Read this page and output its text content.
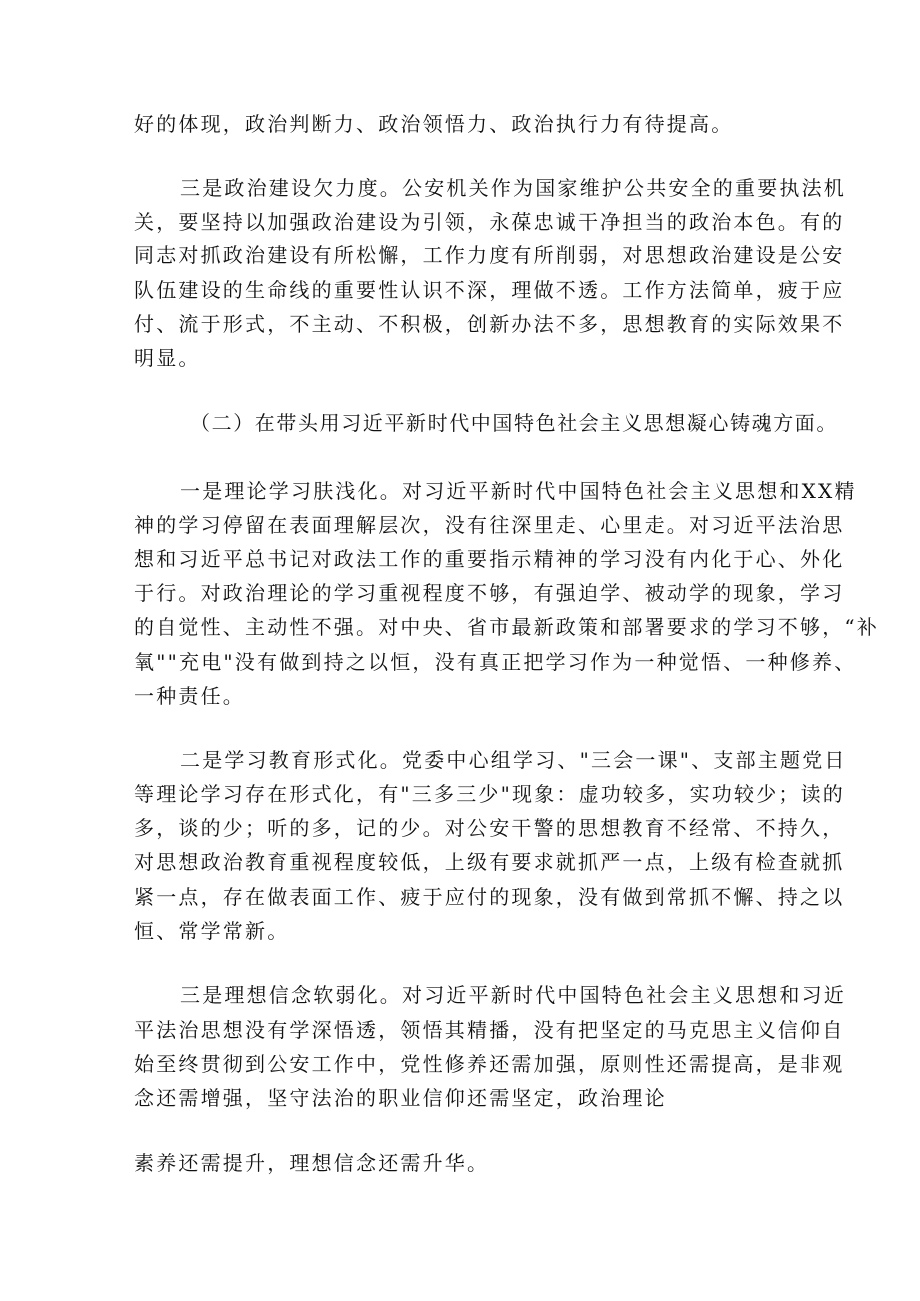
好的体现，政治判断力、政治领悟力、政治执行力有待提高。

三是政治建设欠力度。公安机关作为国家维护公共安全的重要执法机

关，要坚持以加强政治建设为引领，永葆忠诚干净担当的政治本色。有的

同志对抓政治建设有所松懈，工作力度有所削弱，对思想政治建设是公安

队伍建设的生命线的重要性认识不深，理做不透。工作方法简单，疲于应

付、流于形式，不主动、不积极，创新办法不多，思想教育的实际效果不

明显。

（二）在带头用习近平新时代中国特色社会主义思想凝心铸魂方面。

一是理论学习肤浅化。对习近平新时代中国特色社会主义思想和XX精

神的学习停留在表面理解层次，没有往深里走、心里走。对习近平法治思

想和习近平总书记对政法工作的重要指示精神的学习没有内化于心、外化

于行。对政治理论的学习重视程度不够，有强迫学、被动学的现象，学习

的自觉性、主动性不强。对中央、省市最新政策和部署要求的学习不够，“补

氧""充电"没有做到持之以恒，没有真正把学习作为一种觉悟、一种修养、

一种责任。

二是学习教育形式化。党委中心组学习、"三会一课"、支部主题党日

等理论学习存在形式化，有"三多三少"现象：虚功较多，实功较少；读的

多，谈的少；听的多，记的少。对公安干警的思想教育不经常、不持久，

对思想政治教育重视程度较低，上级有要求就抓严一点，上级有检查就抓

紧一点，存在做表面工作、疲于应付的现象，没有做到常抓不懈、持之以

恒、常学常新。

三是理想信念软弱化。对习近平新时代中国特色社会主义思想和习近

平法治思想没有学深悟透，领悟其精播，没有把坚定的马克思主义信仰自

始至终贯彻到公安工作中，党性修养还需加强，原则性还需提高，是非观

念还需增强，坚守法治的职业信仰还需坚定，政治理论

素养还需提升，理想信念还需升华。
